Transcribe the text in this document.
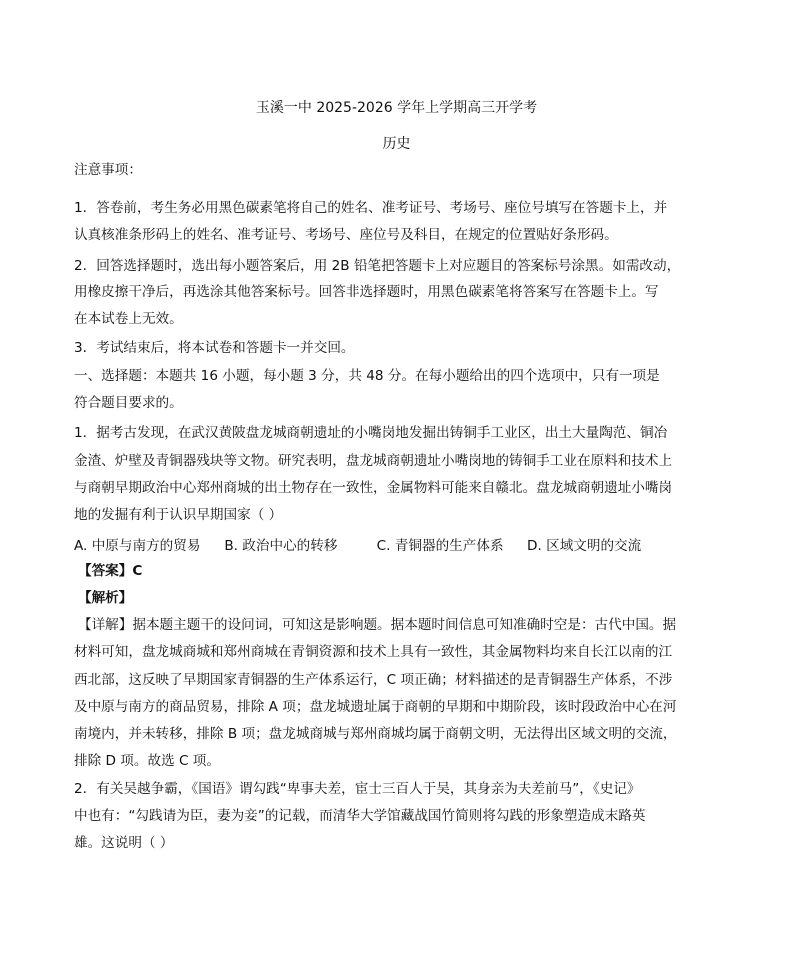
玉溪一中 2025-2026 学年上学期高三开学考
历史
注意事项：
1．答卷前，考生务必用黑色碳素笔将自己的姓名、准考证号、考场号、座位号填写在答题卡上，并
认真核准条形码上的姓名、准考证号、考场号、座位号及科目，在规定的位置贴好条形码。
2．回答选择题时，选出每小题答案后，用 2B 铅笔把答题卡上对应题目的答案标号涂黑。如需改动，
用橡皮擦干净后，再选涂其他答案标号。回答非选择题时，用黑色碳素笔将答案写在答题卡上。写
在本试卷上无效。
3．考试结束后，将本试卷和答题卡一并交回。
一、选择题：本题共 16 小题，每小题 3 分，共 48 分。在每小题给出的四个选项中，只有一项是
符合题目要求的。
1．据考古发现，在武汉黄陂盘龙城商朝遗址的小嘴岗地发掘出铸铜手工业区，出土大量陶范、铜冶
金渣、炉壁及青铜器残块等文物。研究表明，盘龙城商朝遗址小嘴岗地的铸铜手工业在原料和技术上
与商朝早期政治中心郑州商城的出土物存在一致性，金属物料可能来自赣北。盘龙城商朝遗址小嘴岗
地的发掘有利于认识早期国家（ ）
A. 中原与南方的贸易 B. 政治中心的转移	C. 青铜器的生产体系 D. 区域文明的交流
【答案】C
【解析】
【详解】据本题主题干的设问词，可知这是影响题。据本题时间信息可知准确时空是：古代中国。据
材料可知，盘龙城商城和郑州商城在青铜资源和技术上具有一致性，其金属物料均来自长江以南的江
西北部，这反映了早期国家青铜器的生产体系运行，C 项正确；材料描述的是青铜器生产体系，不涉
及中原与南方的商品贸易，排除 A 项；盘龙城遗址属于商朝的早期和中期阶段，该时段政治中心在河
南境内，并未转移，排除 B 项；盘龙城商城与郑州商城均属于商朝文明，无法得出区域文明的交流，
排除 D 项。故选 C 项。
2．有关吴越争霸，《国语》谓勾践“卑事夫差，宦士三百人于吴，其身亲为夫差前马”，《史记》
中也有：“勾践请为臣，妻为妾”的记载，而清华大学馆藏战国竹简则将勾践的形象塑造成末路英
雄。这说明（ ）
